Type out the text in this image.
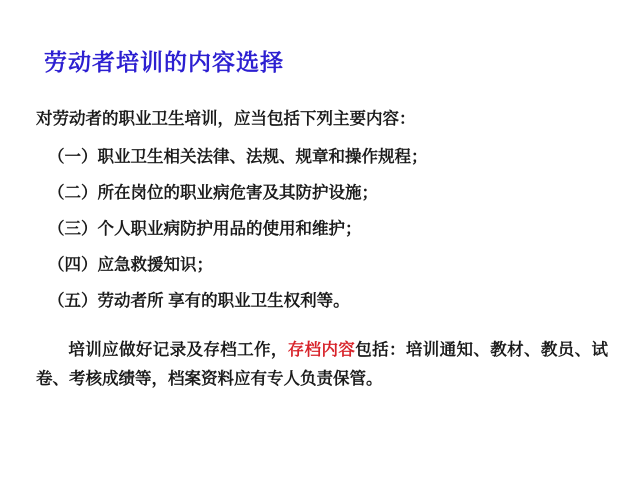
劳动者培训的内容选择
对劳动者的职业卫生培训，应当包括下列主要内容：
（一）职业卫生相关法律、法规、规章和操作规程；
（二）所在岗位的职业病危害及其防护设施；
（三）个人职业病防护用品的使用和维护；
（四）应急救援知识；
（五）劳动者所 享有的职业卫生权利等。
培训应做好记录及存档工作，存档内容包括：培训通知、教材、教员、试卷、考核成绩等，档案资料应有专人负责保管。
